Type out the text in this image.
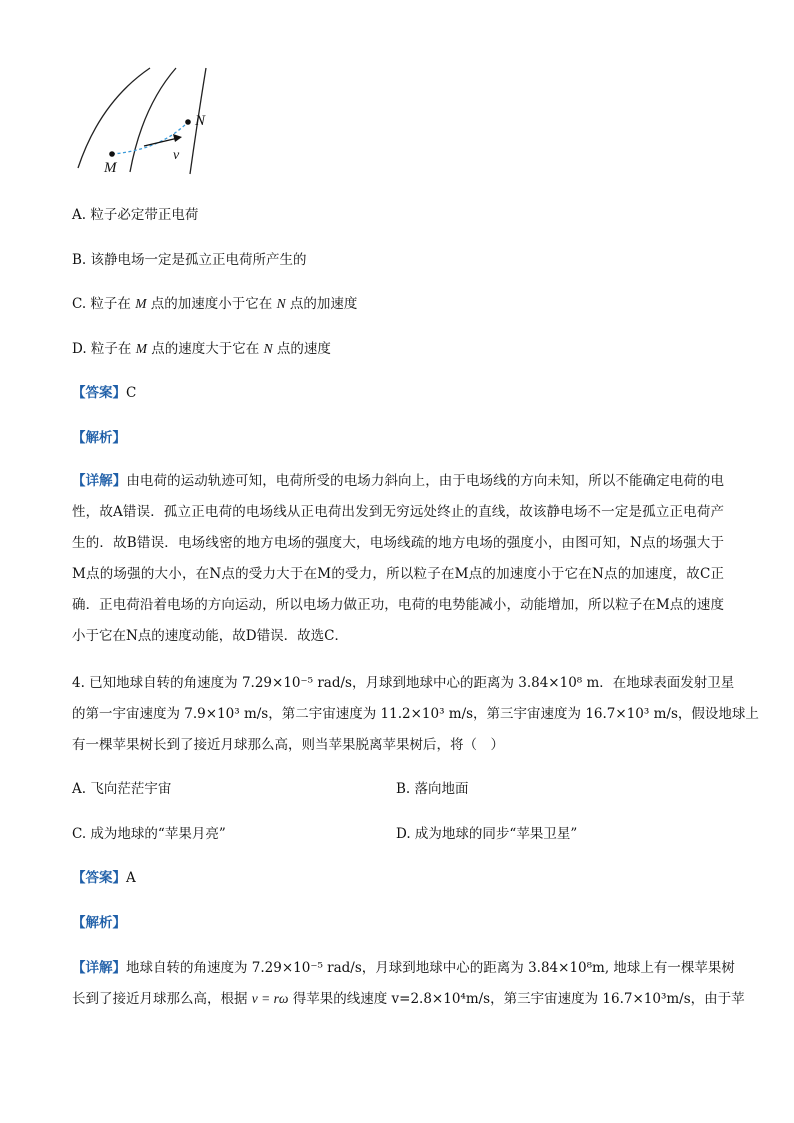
M
N
v
A. 粒子必定带正电荷
B. 该静电场一定是孤立正电荷所产生的
C. 粒子在 M 点的加速度小于它在 N 点的加速度
D. 粒子在 M 点的速度大于它在 N 点的速度
【答案】C
【解析】
【详解】由电荷的运动轨迹可知，电荷所受的电场力斜向上，由于电场线的方向未知，所以不能确定电荷的电性，故A错误．孤立正电荷的电场线从正电荷出发到无穷远处终止的直线，故该静电场不一定是孤立正电荷产生的．故B错误．电场线密的地方电场的强度大，电场线疏的地方电场的强度小，由图可知，N点的场强大于M点的场强的大小，在N点的受力大于在M的受力，所以粒子在M点的加速度小于它在N点的加速度，故C正确．正电荷沿着电场的方向运动，所以电场力做正功，电荷的电势能减小，动能增加，所以粒子在M点的速度小于它在N点的速度动能，故D错误．故选C．
4. 已知地球自转的角速度为 7.29×10⁻⁵ rad/s，月球到地球中心的距离为 3.84×10⁸ m．在地球表面发射卫星
的第一宇宙速度为 7.9×10³ m/s，第二宇宙速度为 11.2×10³ m/s，第三宇宙速度为 16.7×10³ m/s，假设地球上
有一棵苹果树长到了接近月球那么高，则当苹果脱离苹果树后，将（　）
A. 飞向茫茫宇宙	B. 落向地面
C. 成为地球的“苹果月亮”	D. 成为地球的同步“苹果卫星”
【答案】A
【解析】
【详解】地球自转的角速度为 7.29×10⁻⁵ rad/s，月球到地球中心的距离为 3.84×10⁸m, 地球上有一棵苹果树
长到了接近月球那么高，根据 v = rω 得苹果的线速度 v=2.8×10⁴m/s，第三宇宙速度为 16.7×10³m/s，由于苹
